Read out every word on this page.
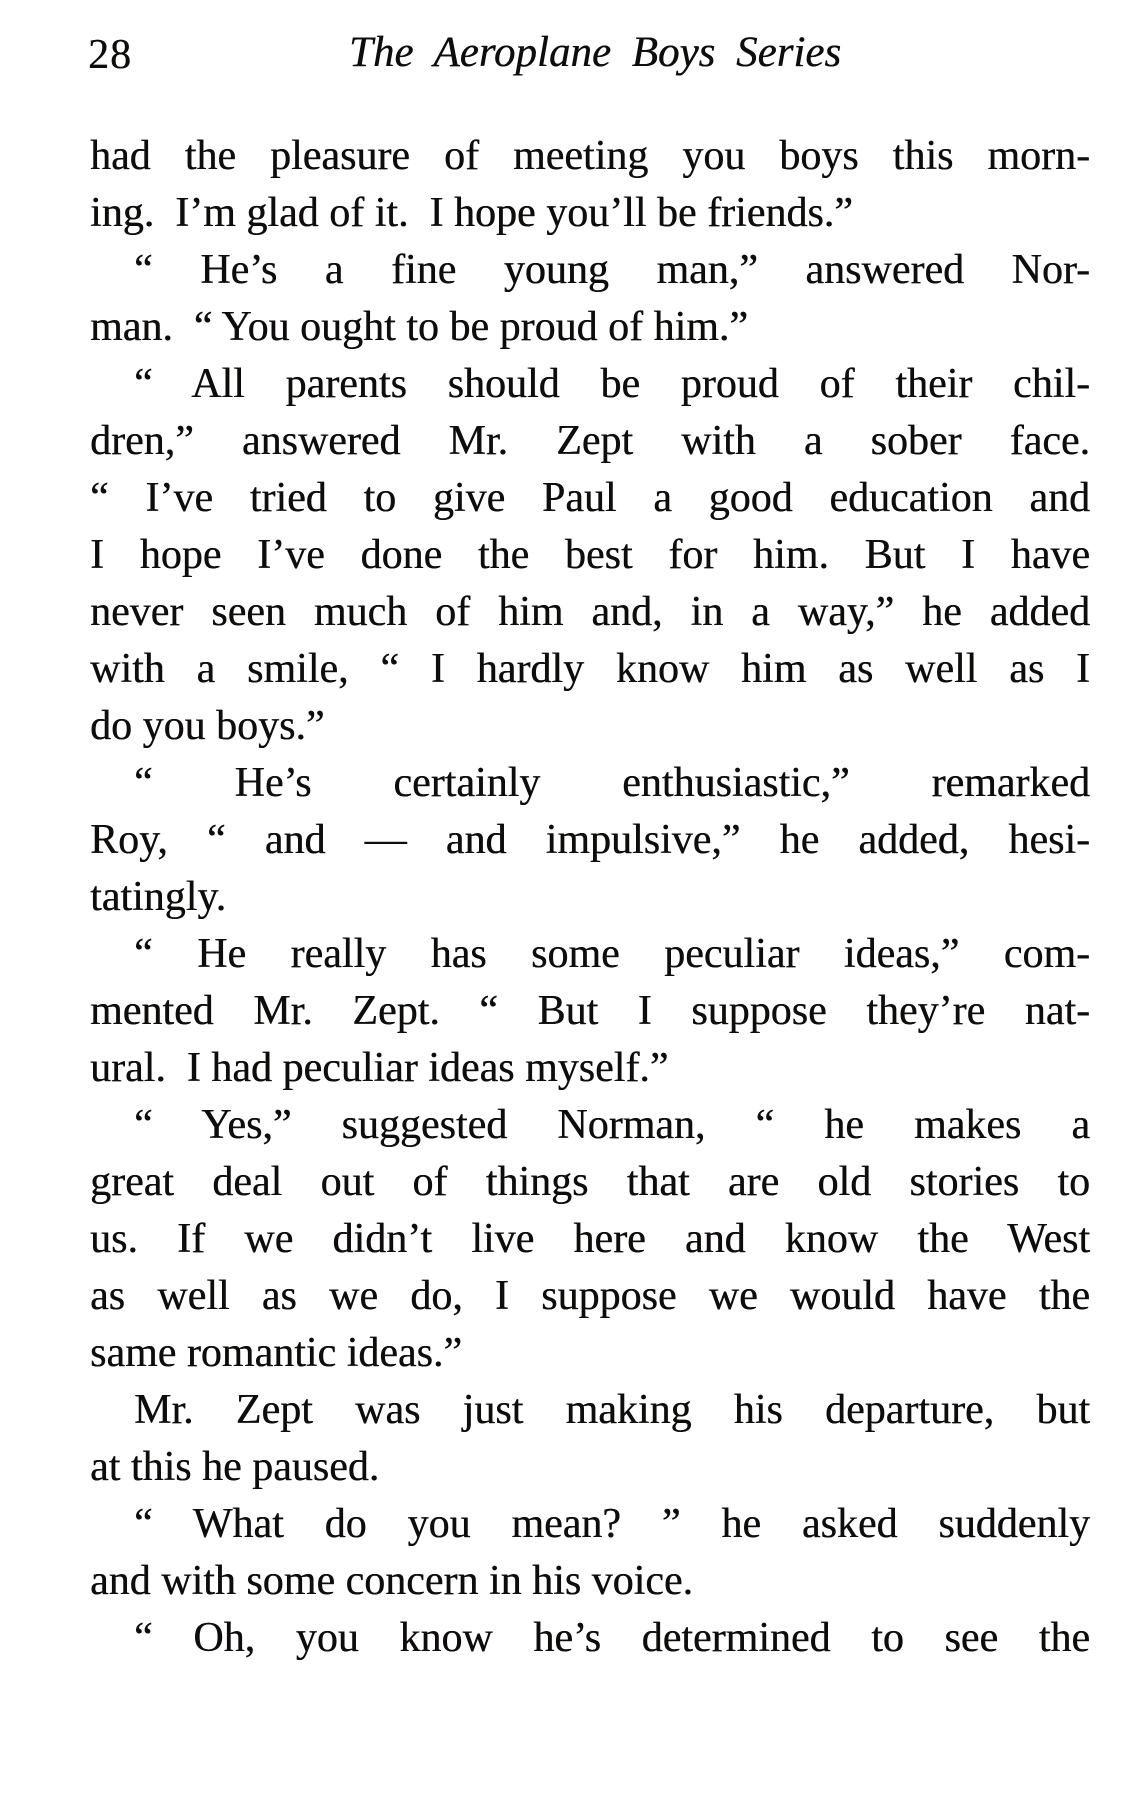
28	The Aeroplane Boys Series
had the pleasure of meeting you boys this morn-
ing.  I’m glad of it.  I hope you’ll be friends.”
“ He’s a fine young man,” answered Nor-
man.  “ You ought to be proud of him.”
“ All parents should be proud of their chil-
dren,” answered Mr. Zept with a sober face.
“ I’ve tried to give Paul a good education and
I hope I’ve done the best for him. But I have
never seen much of him and, in a way,” he added
with a smile, “ I hardly know him as well as I
do you boys.”
“ He’s certainly enthusiastic,” remarked
Roy, “ and — and impulsive,” he added, hesi-
tatingly.
“ He really has some peculiar ideas,” com-
mented Mr. Zept. “ But I suppose they’re nat-
ural.  I had peculiar ideas myself.”
“ Yes,” suggested Norman, “ he makes a
great deal out of things that are old stories to
us. If we didn’t live here and know the West
as well as we do, I suppose we would have the
same romantic ideas.”
Mr. Zept was just making his departure, but
at this he paused.
“ What do you mean? ” he asked suddenly
and with some concern in his voice.
“ Oh, you know he’s determined to see the
